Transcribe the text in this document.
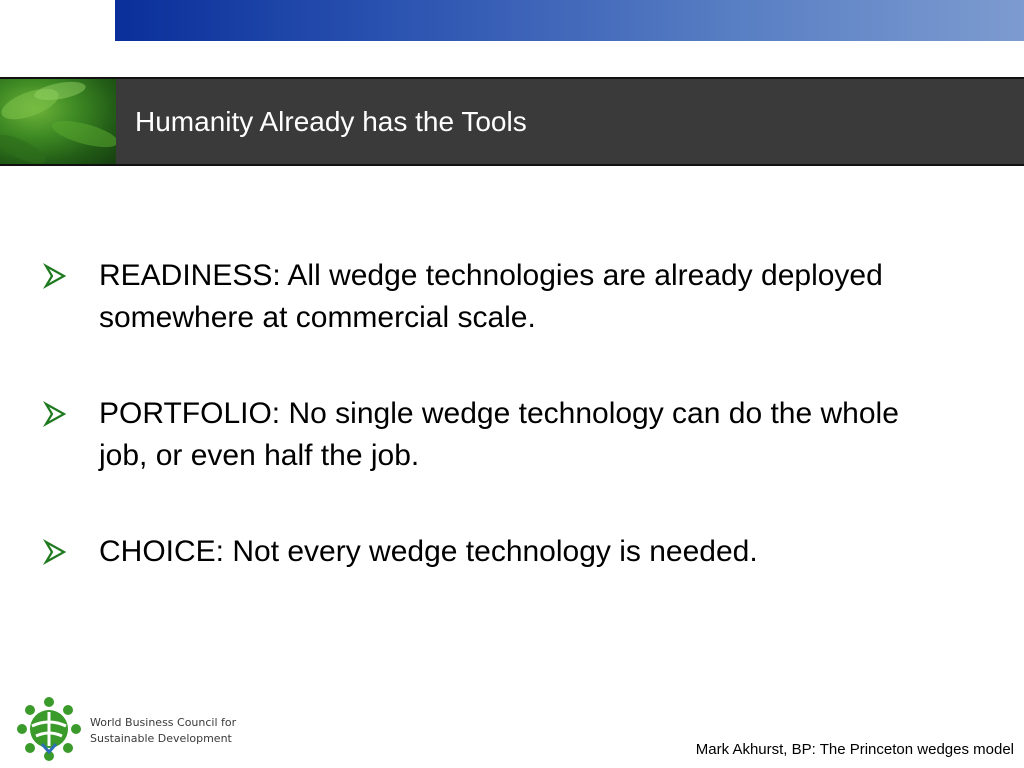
Humanity Already has the Tools
READINESS: All wedge technologies are already deployed somewhere at commercial scale.
PORTFOLIO: No single wedge technology can do the whole job, or even half the job.
CHOICE: Not every wedge technology is needed.
World Business Council for
Sustainable Development
Mark Akhurst, BP: The Princeton wedges model
